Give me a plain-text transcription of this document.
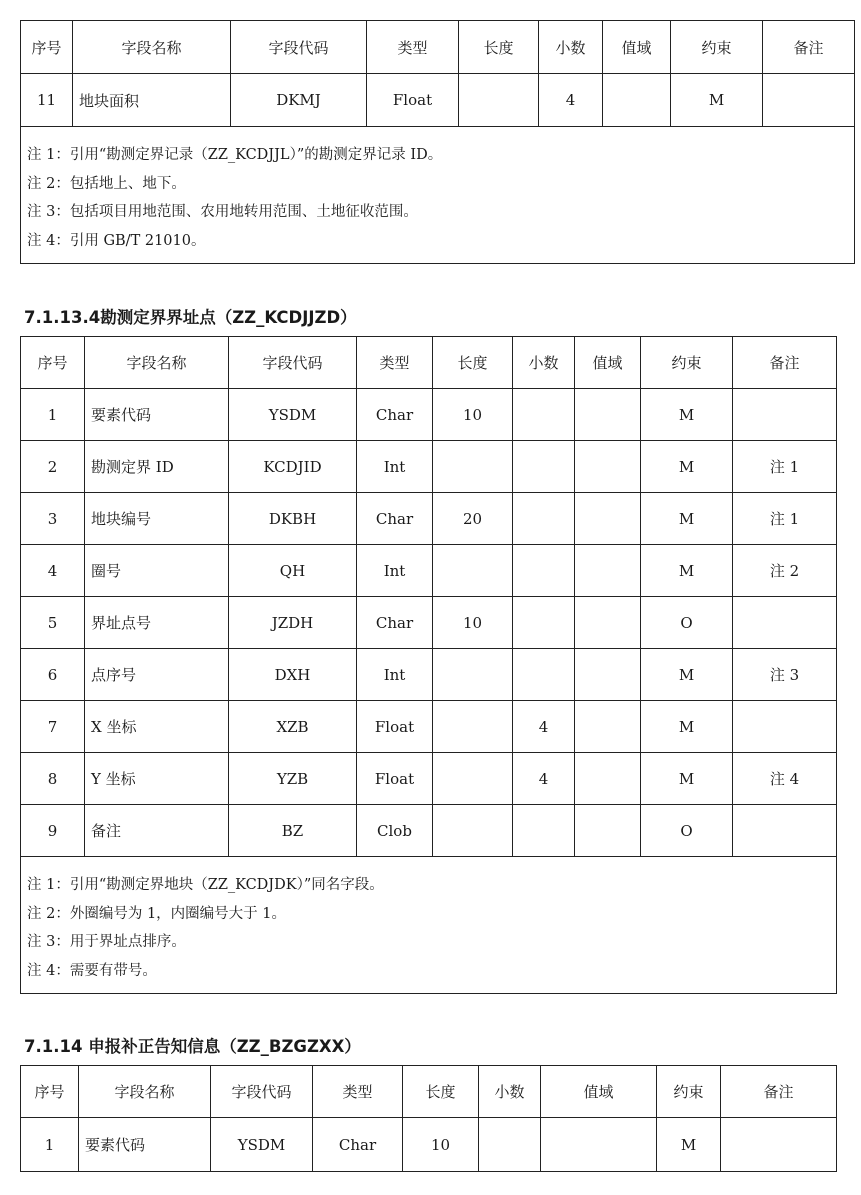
序号	字段名称	字段代码	类型	长度	小数	值域	约束	备注
11	地块面积	DKMJ	Float		4		M	

注 1：引用“勘测定界记录（ZZ_KCDJJL）”的勘测定界记录 ID。
注 2：包括地上、地下。
注 3：包括项目用地范围、农用地转用范围、土地征收范围。
注 4：引用 GB/T 21010。								
7.1.13.4勘测定界界址点（ZZ_KCDJJZD）
序号	字段名称	字段代码	类型	长度	小数	值域	约束	备注
1	要素代码	YSDM	Char	10			M	
2	勘测定界 ID	KCDJID	Int				M	注 1
3	地块编号	DKBH	Char	20			M	注 1
4	圈号	QH	Int				M	注 2
5	界址点号	JZDH	Char	10			O	
6	点序号	DXH	Int				M	注 3
7	X 坐标	XZB	Float		4		M	
8	Y 坐标	YZB	Float		4		M	注 4
9	备注	BZ	Clob				O	

注 1：引用“勘测定界地块（ZZ_KCDJDK）”同名字段。
注 2：外圈编号为 1，内圈编号大于 1。
注 3：用于界址点排序。
注 4：需要有带号。								
7.1.14 申报补正告知信息（ZZ_BZGZXX）
序号	字段名称	字段代码	类型	长度	小数	值域	约束	备注
1	要素代码	YSDM	Char	10			M	
